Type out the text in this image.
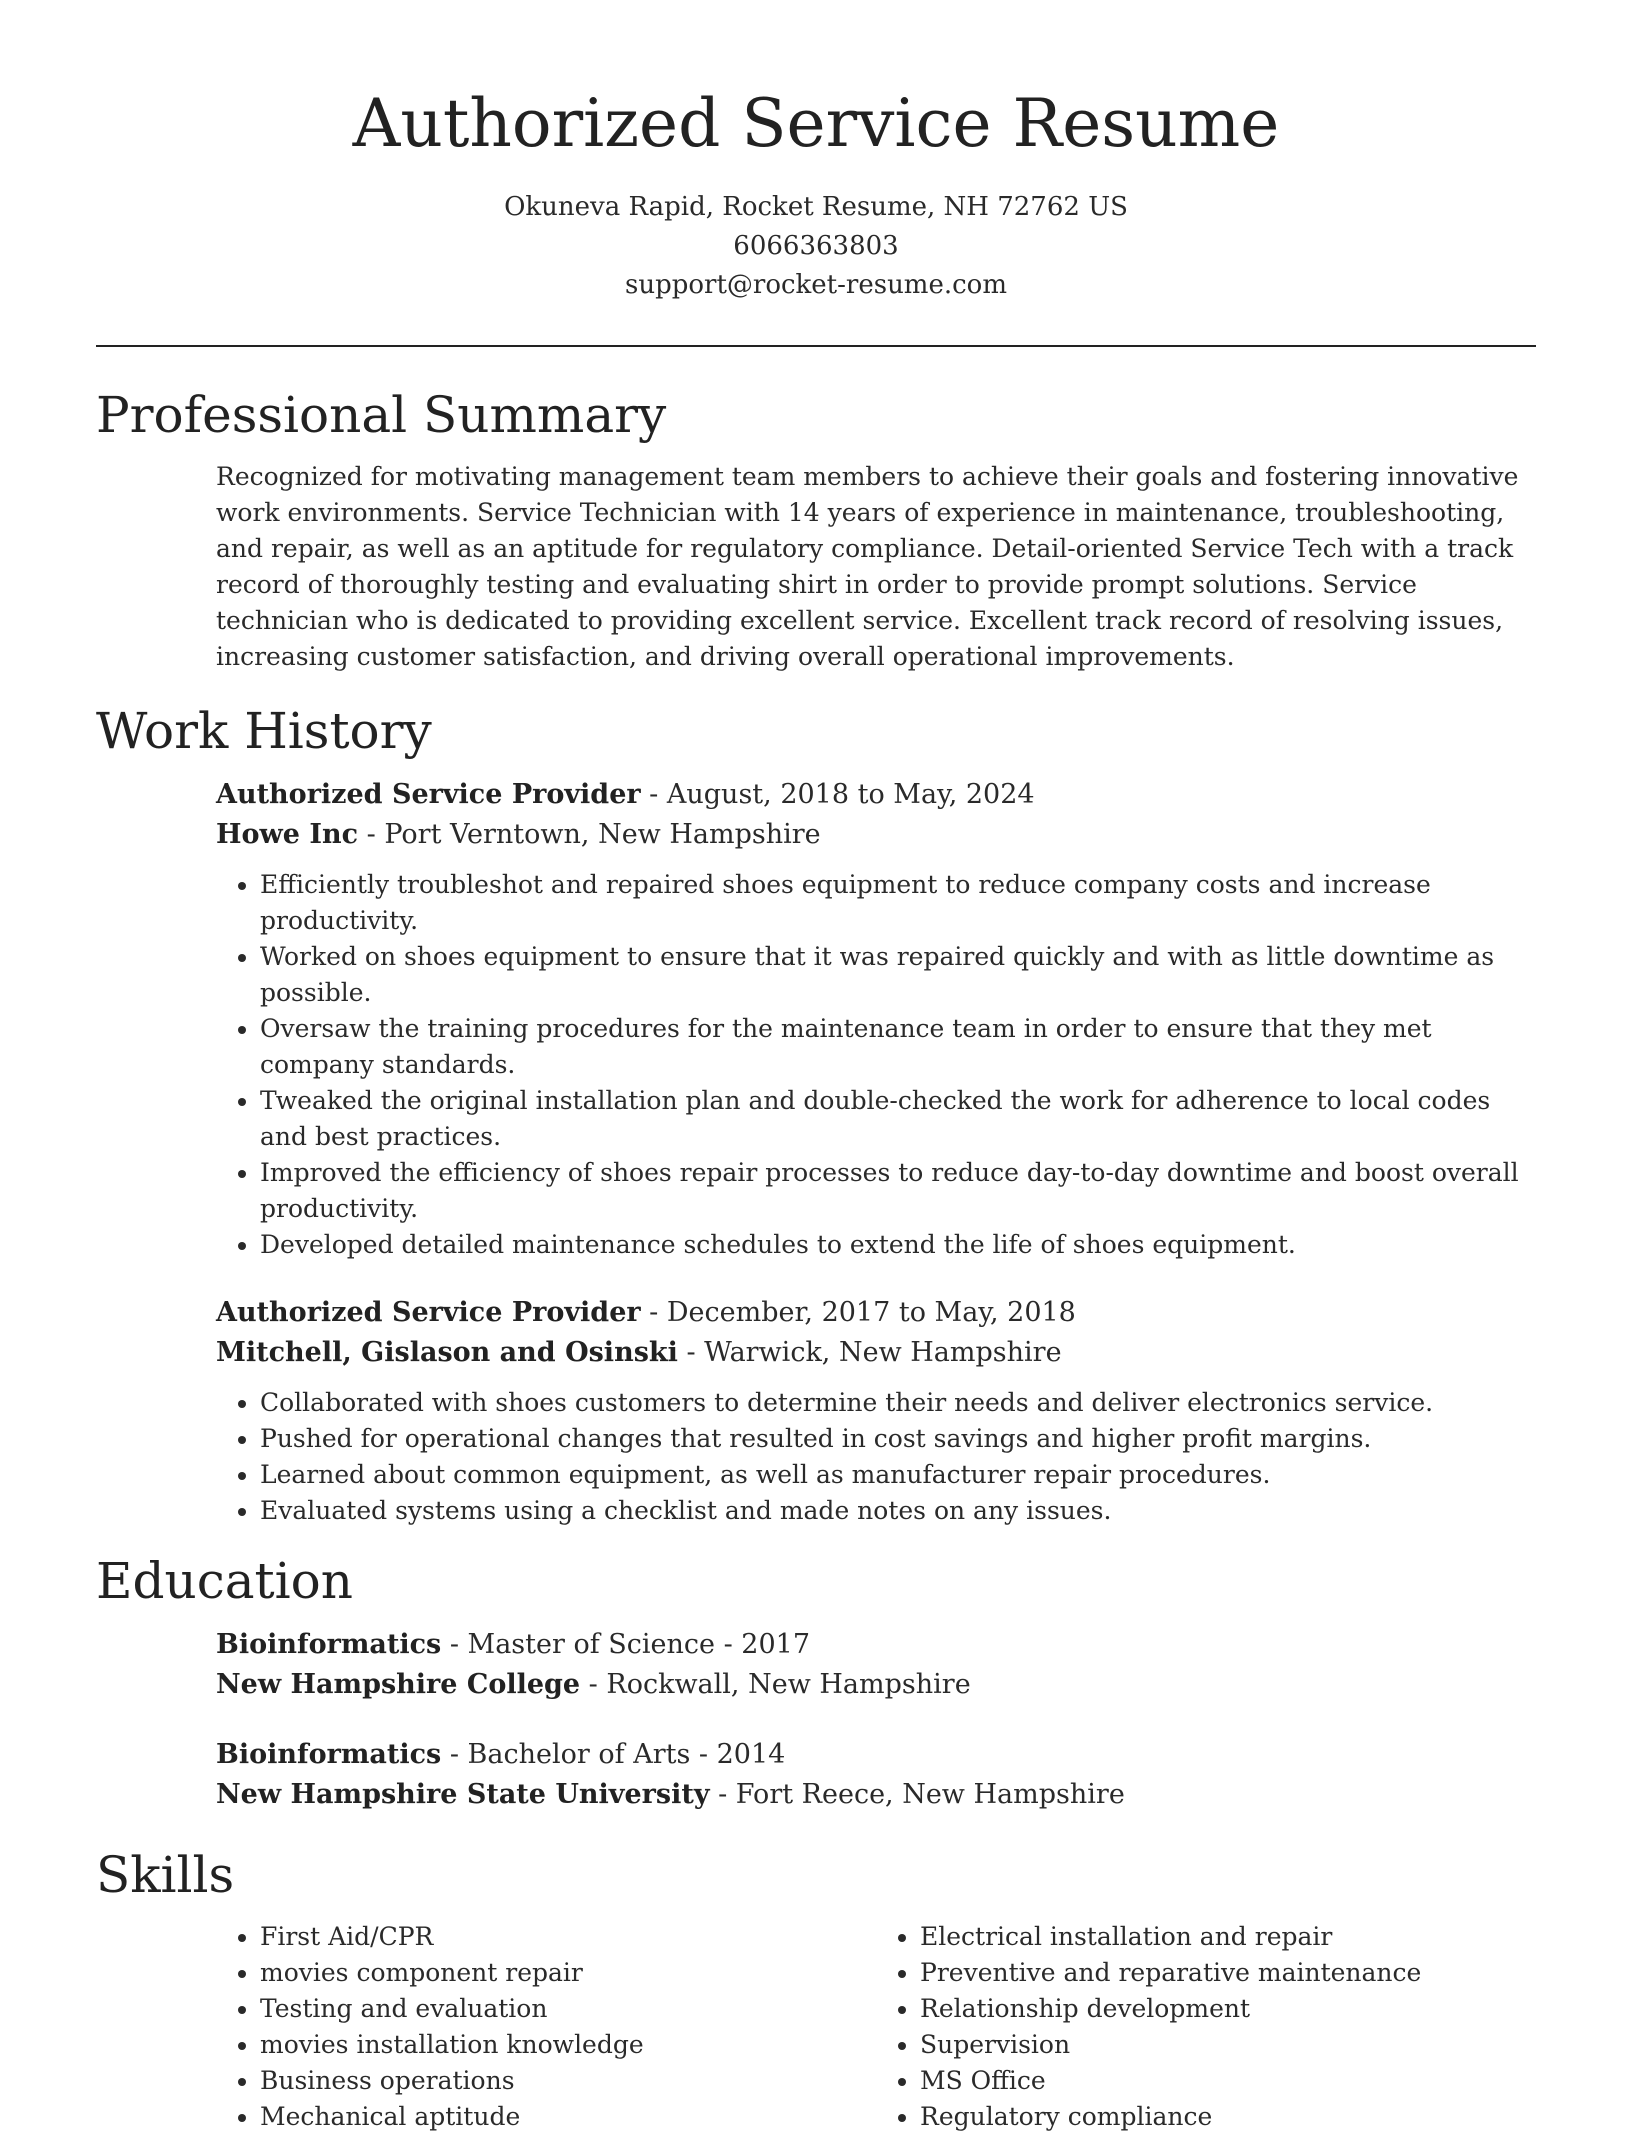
Authorized Service Resume
Okuneva Rapid, Rocket Resume, NH 72762 US
6066363803
support@rocket-resume.com
Professional Summary

Recognized for motivating management team members to achieve their goals and fostering innovative work environments. Service Technician with 14 years of experience in maintenance, troubleshooting, and repair, as well as an aptitude for regulatory compliance. Detail-oriented Service Tech with a track record of thoroughly testing and evaluating shirt in order to provide prompt solutions. Service technician who is dedicated to providing excellent service. Excellent track record of resolving issues, increasing customer satisfaction, and driving overall operational improvements.

Work History
Authorized Service Provider - August, 2018 to May, 2024
Howe Inc - Port Verntown, New Hampshire
• Efficiently troubleshot and repaired shoes equipment to reduce company costs and increase productivity.
• Worked on shoes equipment to ensure that it was repaired quickly and with as little downtime as possible.
• Oversaw the training procedures for the maintenance team in order to ensure that they met company standards.
• Tweaked the original installation plan and double-checked the work for adherence to local codes and best practices.
• Improved the efficiency of shoes repair processes to reduce day-to-day downtime and boost overall productivity.
• Developed detailed maintenance schedules to extend the life of shoes equipment.
Authorized Service Provider - December, 2017 to May, 2018
Mitchell, Gislason and Osinski - Warwick, New Hampshire
• Collaborated with shoes customers to determine their needs and deliver electronics service.
• Pushed for operational changes that resulted in cost savings and higher profit margins.
• Learned about common equipment, as well as manufacturer repair procedures.
• Evaluated systems using a checklist and made notes on any issues.
Education
Bioinformatics - Master of Science - 2017
New Hampshire College - Rockwall, New Hampshire
Bioinformatics - Bachelor of Arts - 2014
New Hampshire State University - Fort Reece, New Hampshire
Skills
• First Aid/CPR
• movies component repair
• Testing and evaluation
• movies installation knowledge
• Business operations
• Mechanical aptitude
• Electrical installation and repair
• Preventive and reparative maintenance
• Relationship development
• Supervision
• MS Office
• Regulatory compliance
